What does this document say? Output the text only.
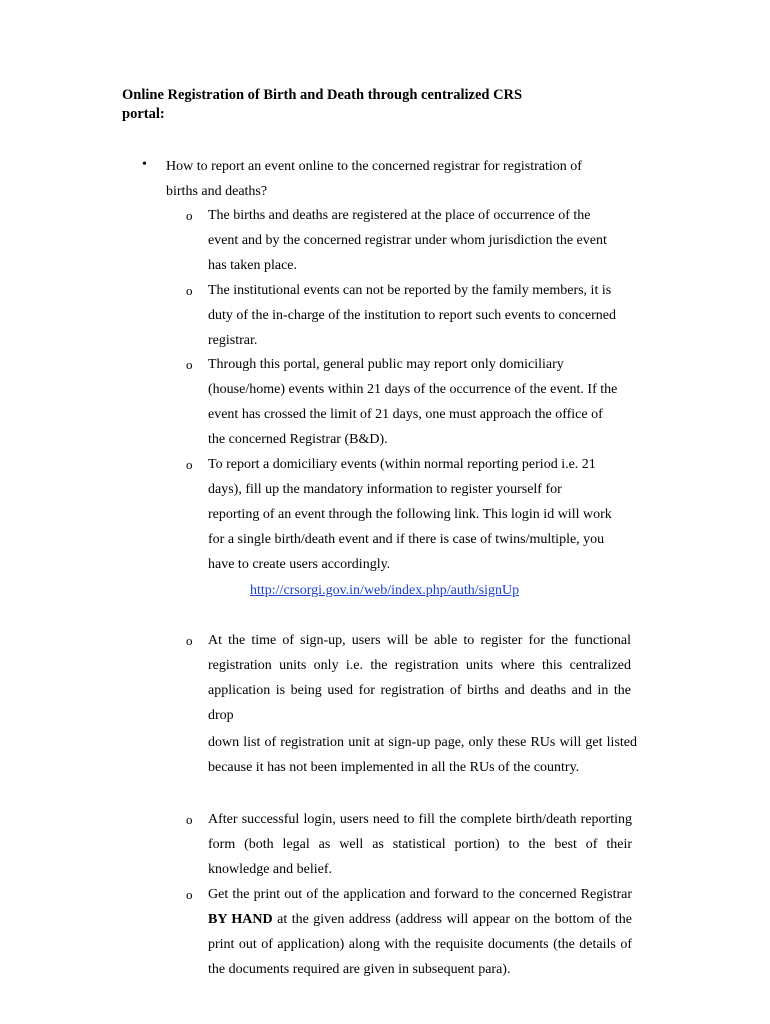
Online Registration of Birth and Death through centralized CRS portal:

• How to report an event online to the concerned registrar for registration of births and deaths?
o The births and deaths are registered at the place of occurrence of the event and by the concerned registrar under whom jurisdiction the event has taken place.
o The institutional events can not be reported by the family members, it is duty of the in-charge of the institution to report such events to concerned registrar.
o Through this portal, general public may report only domiciliary (house/home) events within 21 days of the occurrence of the event. If the event has crossed the limit of 21 days, one must approach the office of the concerned Registrar (B&D).
o To report a domiciliary events (within normal reporting period i.e. 21 days), fill up the mandatory information to register yourself for reporting of an event through the following link. This login id will work for a single birth/death event and if there is case of twins/multiple, you have to create users accordingly.
http://crsorgi.gov.in/web/index.php/auth/signUp
o At the time of sign-up, users will be able to register for the functional registration units only i.e. the registration units where this centralized application is being used for registration of births and deaths and in the drop
down list of registration unit at sign-up page, only these RUs will get listed because it has not been implemented in all the RUs of the country.
o After successful login, users need to fill the complete birth/death reporting form (both legal as well as statistical portion) to the best of their knowledge and belief.
o Get the print out of the application and forward to the concerned Registrar BY HAND at the given address (address will appear on the bottom of the print out of application) along with the requisite documents (the details of the documents required are given in subsequent para).
